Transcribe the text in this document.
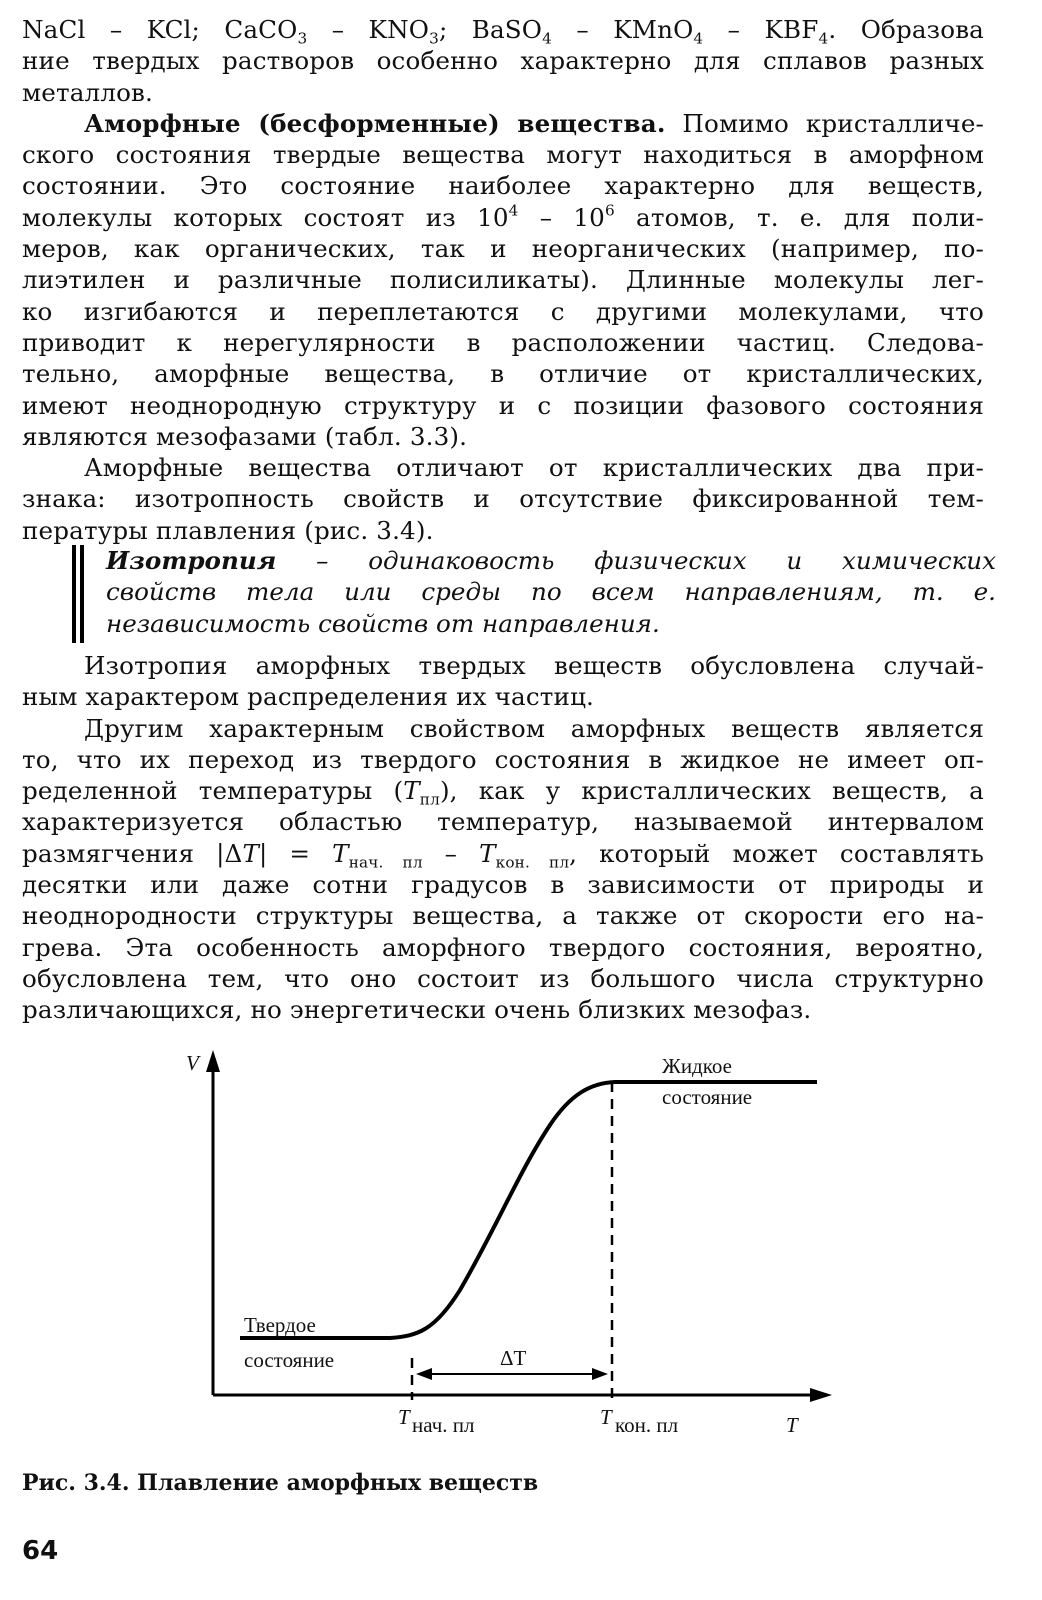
NaCl – KCl; CaCO$_3$ – $KNO_3$; BaSO$_4$ – KMnO$_4$ – $KBF_4$. Образова
ние твердых растворов особенно характерно для сплавов разных
металлов.
Аморфные (бесформенные) вещества. Помимо кристалличе-
ского состояния твердые вещества могут находиться в аморфном
состоянии. Это состояние наиболее характерно для веществ,
молекулы которых состоят из $10^4 - 10^6$ атомов, т. е. для поли-
меров, как органических, так и неорганических (например, по-
лиэтилен и различные полисиликаты). Длинные молекулы лег-
ко изгибаются и переплетаются с другими молекулами, что
приводит к нерегулярности в расположении частиц. Следова-
тельно, аморфные вещества, в отличие от кристаллических,
имеют неоднородную структуру и с позиции фазового состояния
являются мезофазами (табл. 3.3).
Аморфные вещества отличают от кристаллических два при-
знака: изотропность свойств и отсутствие фиксированной тем-
пературы плавления (рис. 3.4).
Изотропия – одинаковость физических и химических
свойств тела или среды по всем направлениям, т. е.
независимость свойств от направления.
Изотропия аморфных твердых веществ обусловлена случай-
ным характером распределения их частиц.
Другим характерным свойством аморфных веществ является
то, что их переход из твердого состояния в жидкое не имеет оп-
ределенной температуры $(T_{пл})$, как у кристаллических веществ, а
характеризуется областью температур, называемой интервалом
размягчения $|\Delta T| = T_{нач. пл} - T_{кон. пл}$, который может составлять
десятки или даже сотни градусов в зависимости от природы и
неоднородности структуры вещества, а также от скорости его на-
грева. Эта особенность аморфного твердого состояния, вероятно,
обусловлена тем, что оно состоит из большого числа структурно
различающихся, но энергетически очень близких мезофаз.
V
T
ΔT
Жидкое
состояние
Твердое
состояние
T нач. пл	T кон. пл
Рис. 3.4. Плавление аморфных веществ
64
